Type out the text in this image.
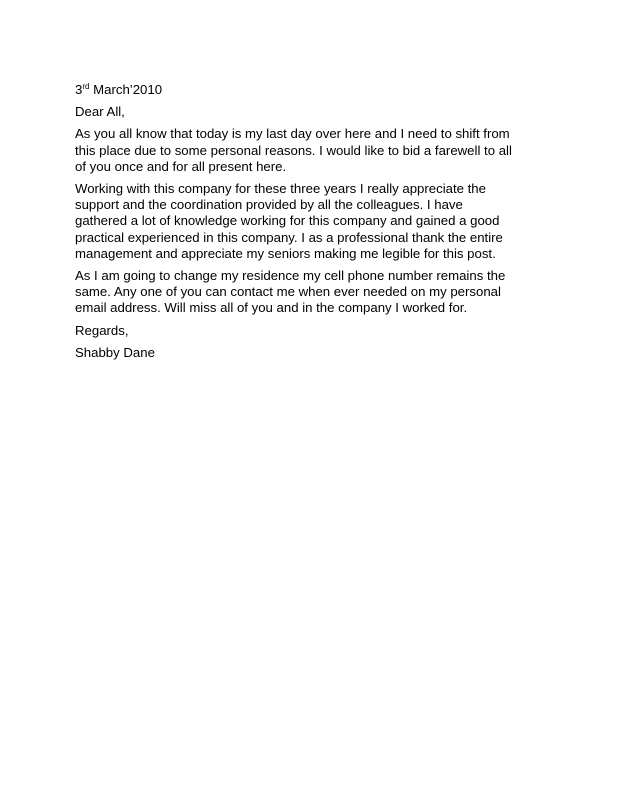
3rd March’2010

Dear All,

As you all know that today is my last day over here and I need to shift from
this place due to some personal reasons. I would like to bid a farewell to all
of you once and for all present here.

Working with this company for these three years I really appreciate the
support and the coordination provided by all the colleagues. I have
gathered a lot of knowledge working for this company and gained a good
practical experienced in this company. I as a professional thank the entire
management and appreciate my seniors making me legible for this post.

As I am going to change my residence my cell phone number remains the
same. Any one of you can contact me when ever needed on my personal
email address. Will miss all of you and in the company I worked for.

Regards,

Shabby Dane
